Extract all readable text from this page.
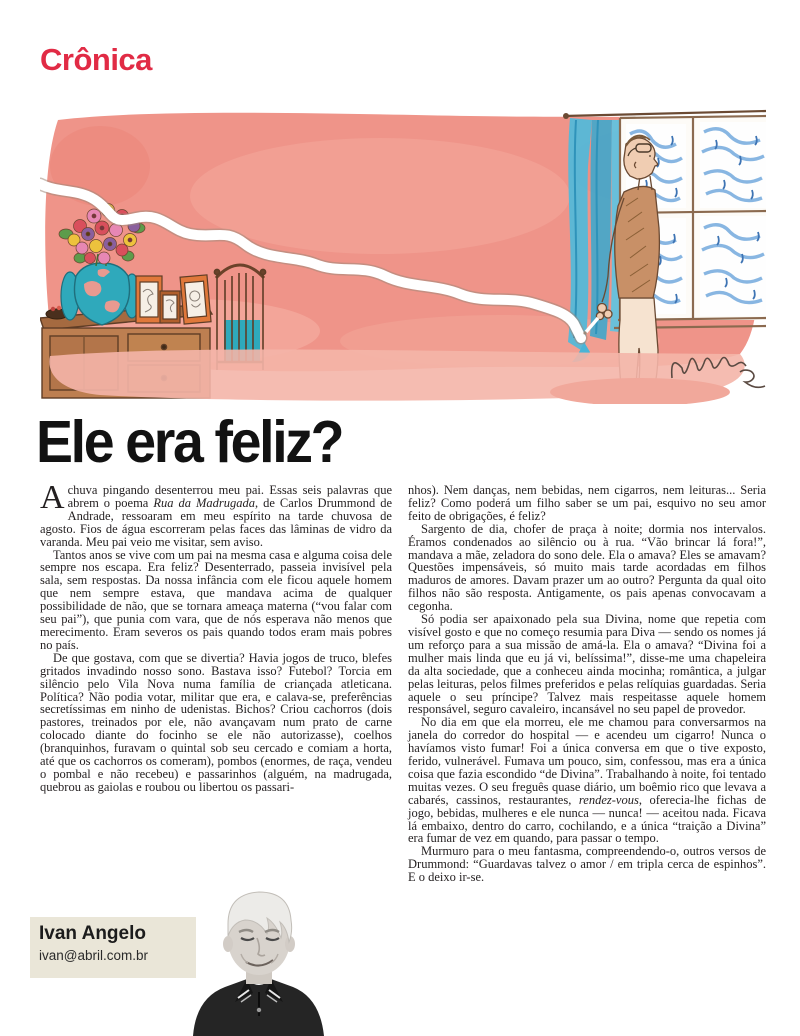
Crônica
Ele era feliz?

Achuva pingando desenterrou meu pai. Essas seis palavras que abrem o poema Rua da Madrugada, de Carlos Drummond de Andrade, ressoaram em meu espírito na tarde chuvosa de agosto. Fios de água escorreram pelas faces das lâminas de vidro da varanda. Meu pai veio me visitar, sem aviso.

Tantos anos se vive com um pai na mesma casa e alguma coisa dele sempre nos escapa. Era feliz? Desenterrado, passeia invisível pela sala, sem respostas. Da nossa infância com ele ficou aquele homem que nem sempre estava, que mandava acima de qualquer possibilidade de não, que se tornara ameaça materna (“vou falar com seu pai”), que punia com vara, que de nós esperava não menos que merecimento. Eram severos os pais quando todos eram mais pobres no país.

De que gostava, com que se divertia? Havia jogos de truco, blefes gritados invadindo nosso sono. Bastava isso? Futebol? Torcia em silêncio pelo Vila Nova numa família de criançada atleticana. Política? Não podia votar, militar que era, e calava-se, preferências secretíssimas em ninho de udenistas. Bichos? Criou cachorros (dois pastores, treinados por ele, não avançavam num prato de carne colocado diante do focinho se ele não autorizasse), coelhos (branquinhos, furavam o quintal sob seu cercado e comiam a horta, até que os cachorros os comeram), pombos (enormes, de raça, vendeu o pombal e não recebeu) e passarinhos (alguém, na madrugada, quebrou as gaiolas e roubou ou libertou os passari-

nhos). Nem danças, nem bebidas, nem cigarros, nem leituras... Seria feliz? Como poderá um filho saber se um pai, esquivo no seu amor feito de obrigações, é feliz?

Sargento de dia, chofer de praça à noite; dormia nos intervalos. Éramos condenados ao silêncio ou à rua. “Vão brincar lá fora!”, mandava a mãe, zeladora do sono dele. Ela o amava? Eles se amavam? Questões impensáveis, só muito mais tarde acordadas em filhos maduros de amores. Davam prazer um ao outro? Pergunta da qual oito filhos não são resposta. Antigamente, os pais apenas convocavam a cegonha.

Só podia ser apaixonado pela sua Divina, nome que repetia com visível gosto e que no começo resumia para Diva — sendo os nomes já um reforço para a sua missão de amá-la. Ela o amava? “Divina foi a mulher mais linda que eu já vi, belíssima!”, disse-me uma chapeleira da alta sociedade, que a conheceu ainda mocinha; romântica, a julgar pelas leituras, pelos filmes preferidos e pelas relíquias guardadas. Seria aquele o seu príncipe? Talvez mais respeitasse aquele homem responsável, seguro cavaleiro, incansável no seu papel de provedor.

No dia em que ela morreu, ele me chamou para conversarmos na janela do corredor do hospital — e acendeu um cigarro! Nunca o havíamos visto fumar! Foi a única conversa em que o tive exposto, ferido, vulnerável. Fumava um pouco, sim, confessou, mas era a única coisa que fazia escondido “de Divina”. Trabalhando à noite, foi tentado muitas vezes. O seu freguês quase diário, um boêmio rico que levava a cabarés, cassinos, restaurantes, rendez-vous, oferecia-lhe fichas de jogo, bebidas, mulheres e ele nunca — nunca! — aceitou nada. Ficava lá embaixo, dentro do carro, cochilando, e a única “traição a Divina” era fumar de vez em quando, para passar o tempo.

Murmuro para o meu fantasma, compreendendo-o, outros versos de Drummond: “Guardavas talvez o amor / em tripla cerca de espinhos”. E o deixo ir-se.

Ivan Angelo
ivan@abril.com.br
